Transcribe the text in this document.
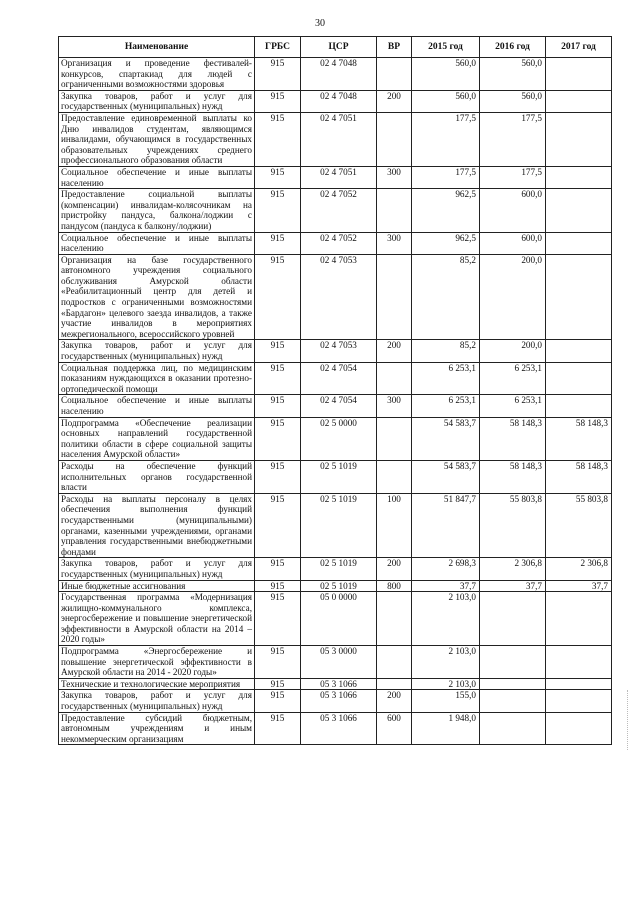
30
Наименование	ГРБС	ЦСР	ВР	2015 год	2016 год	2017 год
Организация и проведение фестивалей-конкурсов, спартакиад для людей с ограниченными возможностями здоровья	915	02 4 7048		560,0	560,0	
Закупка товаров, работ и услуг для государственных (муниципальных) нужд	915	02 4 7048	200	560,0	560,0	
Предоставление единовременной выплаты ко Дню инвалидов студентам, являющимся инвалидами, обучающимся в государственных образовательных учреждениях среднего профессионального образования области	915	02 4 7051		177,5	177,5	
Социальное обеспечение и иные выплаты населению	915	02 4 7051	300	177,5	177,5	
Предоставление социальной выплаты (компенсации) инвалидам-колясочникам на пристройку пандуса, балкона/лоджии с пандусом (пандуса к балкону/лоджии)	915	02 4 7052		962,5	600,0	
Социальное обеспечение и иные выплаты населению	915	02 4 7052	300	962,5	600,0	
Организация на базе государственного автономного учреждения социального обслуживания Амурской области «Реабилитационный центр для детей и подростков с ограниченными возможностями «Бардагон» целевого заезда инвалидов, а также участие инвалидов в мероприятиях межрегионального, всероссийского уровней	915	02 4 7053		85,2	200,0	
Закупка товаров, работ и услуг для государственных (муниципальных) нужд	915	02 4 7053	200	85,2	200,0	
Социальная поддержка лиц, по медицинским показаниям нуждающихся в оказании протезно-ортопедической помощи	915	02 4 7054		6 253,1	6 253,1	
Социальное обеспечение и иные выплаты населению	915	02 4 7054	300	6 253,1	6 253,1	
Подпрограмма «Обеспечение реализации основных направлений государственной политики области в сфере социальной защиты населения Амурской области»	915	02 5 0000		54 583,7	58 148,3	58 148,3
Расходы на обеспечение функций исполнительных органов государственной власти	915	02 5 1019		54 583,7	58 148,3	58 148,3
Расходы на выплаты персоналу в целях обеспечения выполнения функций государственными (муниципальными) органами, казенными учреждениями, органами управления государственными внебюджетными фондами	915	02 5 1019	100	51 847,7	55 803,8	55 803,8
Закупка товаров, работ и услуг для государственных (муниципальных) нужд	915	02 5 1019	200	2 698,3	2 306,8	2 306,8
Иные бюджетные ассигнования	915	02 5 1019	800	37,7	37,7	37,7
Государственная программа «Модернизация жилищно-коммунального комплекса, энергосбережение и повышение энергетической эффективности в Амурской области на 2014 – 2020 годы»	915	05 0 0000		2 103,0		
Подпрограмма «Энергосбережение и повышение энергетической эффективности в Амурской области на 2014 - 2020 годы»	915	05 3 0000		2 103,0		
Технические и технологические мероприятия	915	05 3 1066		2 103,0		
Закупка товаров, работ и услуг для государственных (муниципальных) нужд	915	05 3 1066	200	155,0		
Предоставление субсидий бюджетным, автономным учреждениям и иным некоммерческим организациям	915	05 3 1066	600	1 948,0		
